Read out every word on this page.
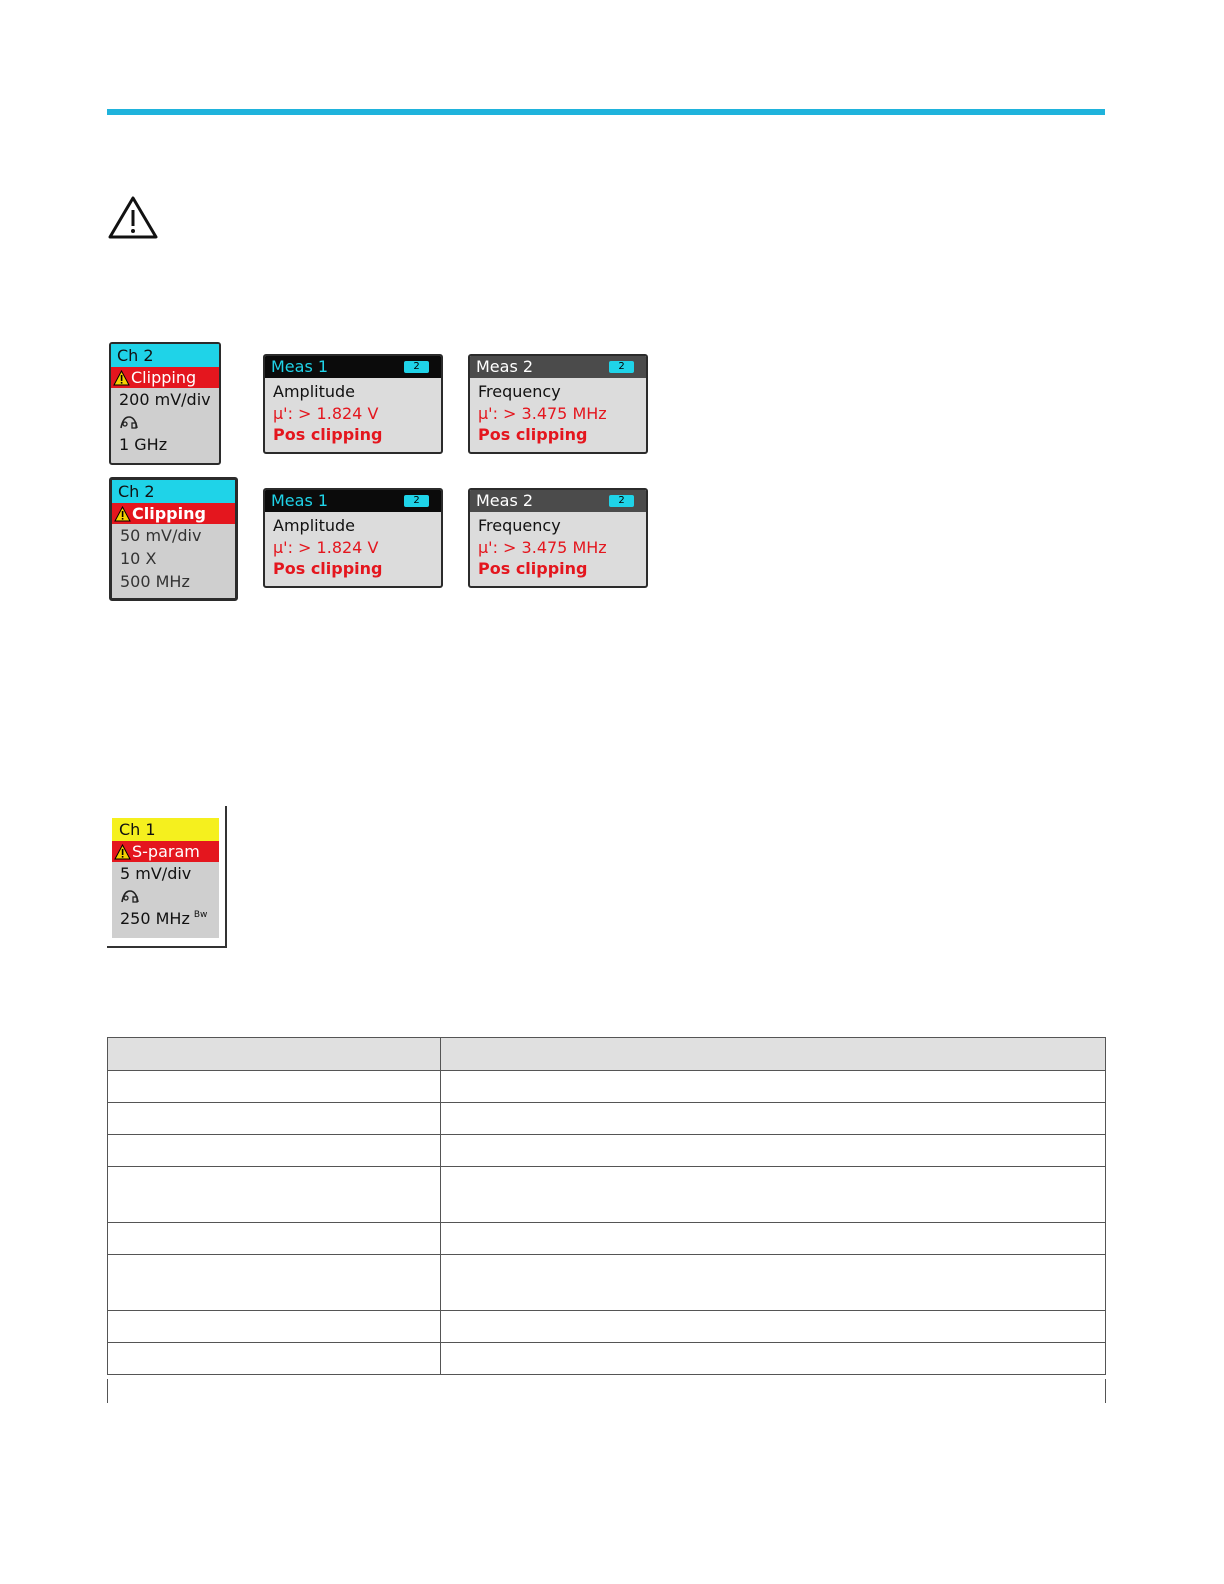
Ch 2
Clipping
200 mV/div
1 GHz
Ch 2
Clipping
50 mV/div
10 X
500 MHz
Meas 1	2
Amplitude
µ': > 1.824 V
Pos clipping
Meas 2	2
Frequency
µ': > 3.475 MHz
Pos clipping
Meas 1	2
Amplitude
µ': > 1.824 V
Pos clipping
Meas 2	2
Frequency
µ': > 3.475 MHz
Pos clipping
Ch 1
S-param
5 mV/div
250 MHz $^{Bw}$
